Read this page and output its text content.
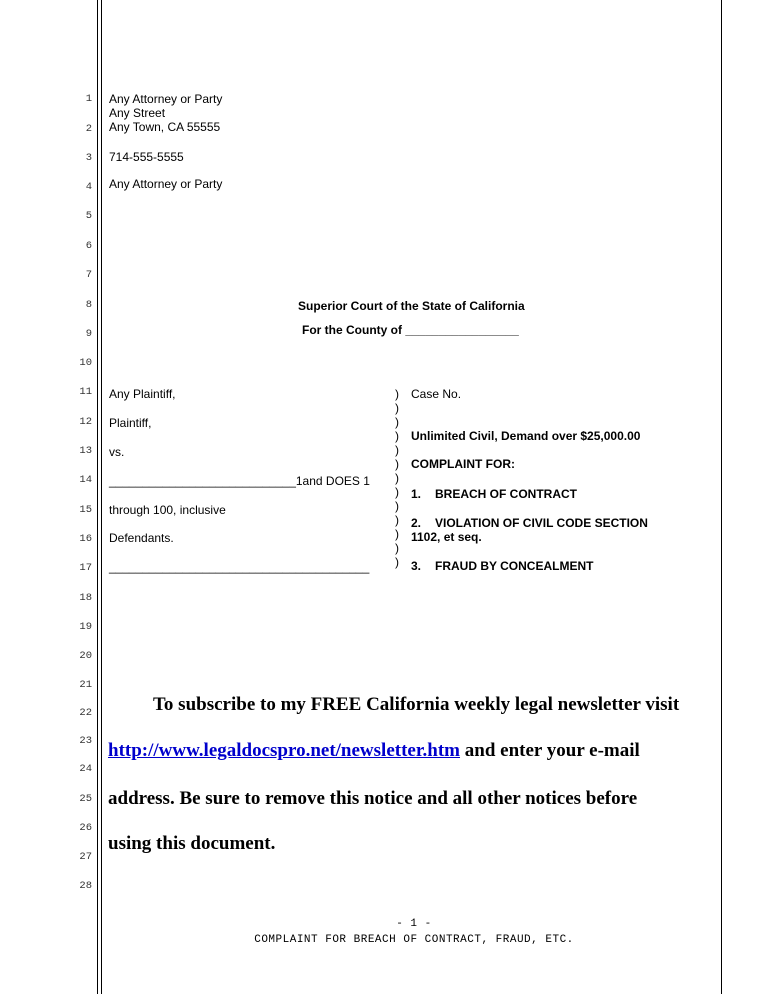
1
2
3
4
5
6
7
8
9
10
11
12
13
14
15
16
17
18
19
20
21
22
23
24
25
26
27
28
Any Attorney or Party
Any Street
Any Town, CA 55555
714-555-5555
Any Attorney or Party
Superior Court of the State of California
For the County of _________________
Any Plaintiff,
Plaintiff,
vs.
____________________________1and DOES 1
through 100, inclusive
Defendants.
_______________________________________
)
)
)
)
)
)
)
)
)
)
)
)
)
Case No.
Unlimited Civil, Demand over $25,000.00
COMPLAINT FOR:
1. BREACH OF CONTRACT
2. VIOLATION OF CIVIL CODE SECTION
1102, et seq.
3. FRAUD BY CONCEALMENT
To subscribe to my FREE California weekly legal newsletter visit
http://www.legaldocspro.net/newsletter.htm and enter your e-mail
address. Be sure to remove this notice and all other notices before
using this document.
- 1 -
COMPLAINT FOR BREACH OF CONTRACT, FRAUD, ETC.
